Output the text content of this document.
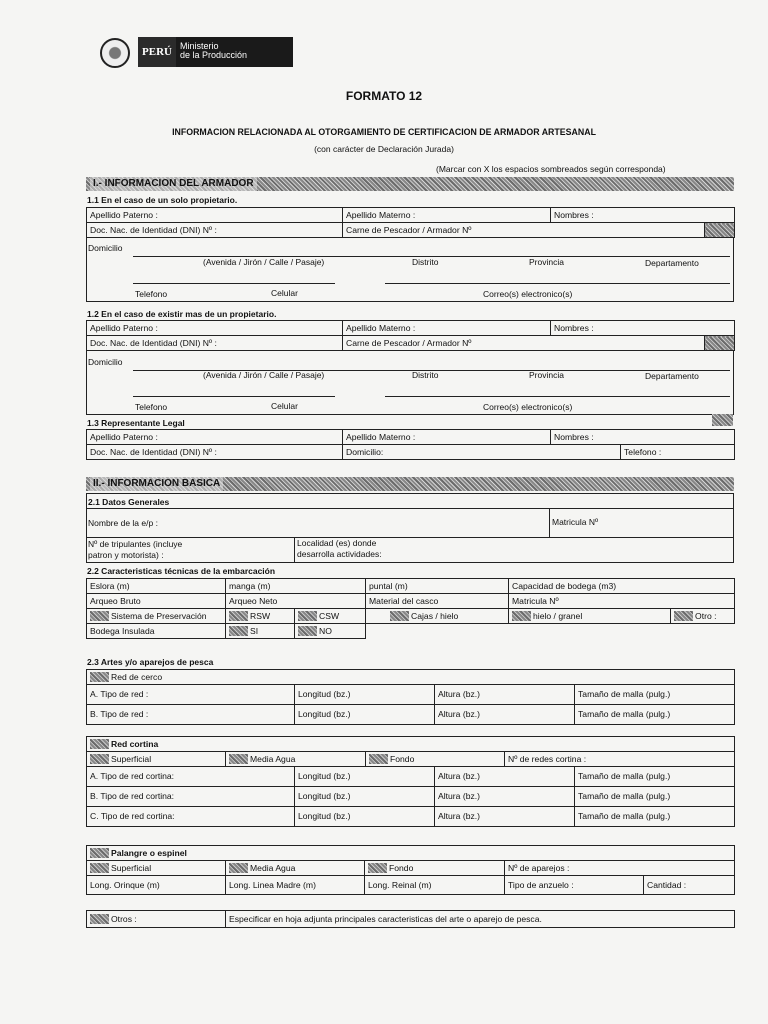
PERÚ Ministerio
de la Producción
FORMATO 12
INFORMACION RELACIONADA AL OTORGAMIENTO DE CERTIFICACION DE ARMADOR ARTESANAL
(con carácter de Declaración Jurada)
(Marcar con X los espacios sombreados según corresponda)
I.- INFORMACION DEL ARMADOR
1.1 En el caso de un solo propietario.
Apellido Paterno :	Apellido Materno :	Nombres :	
Doc. Nac. de Identidad (DNI) Nº :	Carne de Pescador / Armador Nº		
Domicilio
(Avenida / Jirón / Calle / Pasaje)	Distrito	Provincia	Departamento
Telefono	Celular	Correo(s) electronico(s)
1.2 En el caso de existir mas de un propietario.
Apellido Paterno :	Apellido Materno :	Nombres :	
Doc. Nac. de Identidad (DNI) Nº :	Carne de Pescador / Armador Nº		
Domicilio
(Avenida / Jirón / Calle / Pasaje)	Distrito	Provincia	Departamento
Telefono	Celular	Correo(s) electronico(s)
1.3 Representante Legal
Apellido Paterno :	Apellido Materno :	Nombres :	
Doc. Nac. de Identidad (DNI) Nº :	Domicilio:		Telefono :
II.- INFORMACION BASICA
2.1 Datos Generales
Nombre de la e/p :	Matricula Nº
Nº de tripulantes (incluye
patron y motorista) :
Localidad (es) donde
desarrolla actividades:
2.2 Caracteristicas técnicas de la embarcación
Eslora (m)	manga (m)		puntal (m)	Capacidad de bodega (m3)	
Arqueo Bruto	Arqueo Neto		Material del casco	Matricula Nº	
Sistema de Preservación	RSW	CSW	Cajas / hielo	hielo / granel	Otro :
Bodega Insulada	SI	NO			
2.3 Artes y/o aparejos de pesca
Red de cerco			
A. Tipo de red :	Longitud (bz.)	Altura (bz.)	Tamaño de malla (pulg.)
B. Tipo de red :	Longitud (bz.)	Altura (bz.)	Tamaño de malla (pulg.)
Red cortina						
Superficial	Media Agua		Fondo		Nº de redes cortina :	
A. Tipo de red cortina:		Longitud (bz.)		Altura (bz.)		Tamaño de malla (pulg.)
B. Tipo de red cortina:		Longitud (bz.)		Altura (bz.)		Tamaño de malla (pulg.)
C. Tipo de red cortina:		Longitud (bz.)		Altura (bz.)		Tamaño de malla (pulg.)
Palangre o espinel				
Superficial	Media Agua	Fondo	Nº de aparejos :	
Long. Orinque (m)	Long. Linea Madre (m)	Long. Reinal (m)	Tipo de anzuelo :	Cantidad :
Otros :	Especificar en hoja adjunta principales caracteristicas del arte o aparejo de pesca.
